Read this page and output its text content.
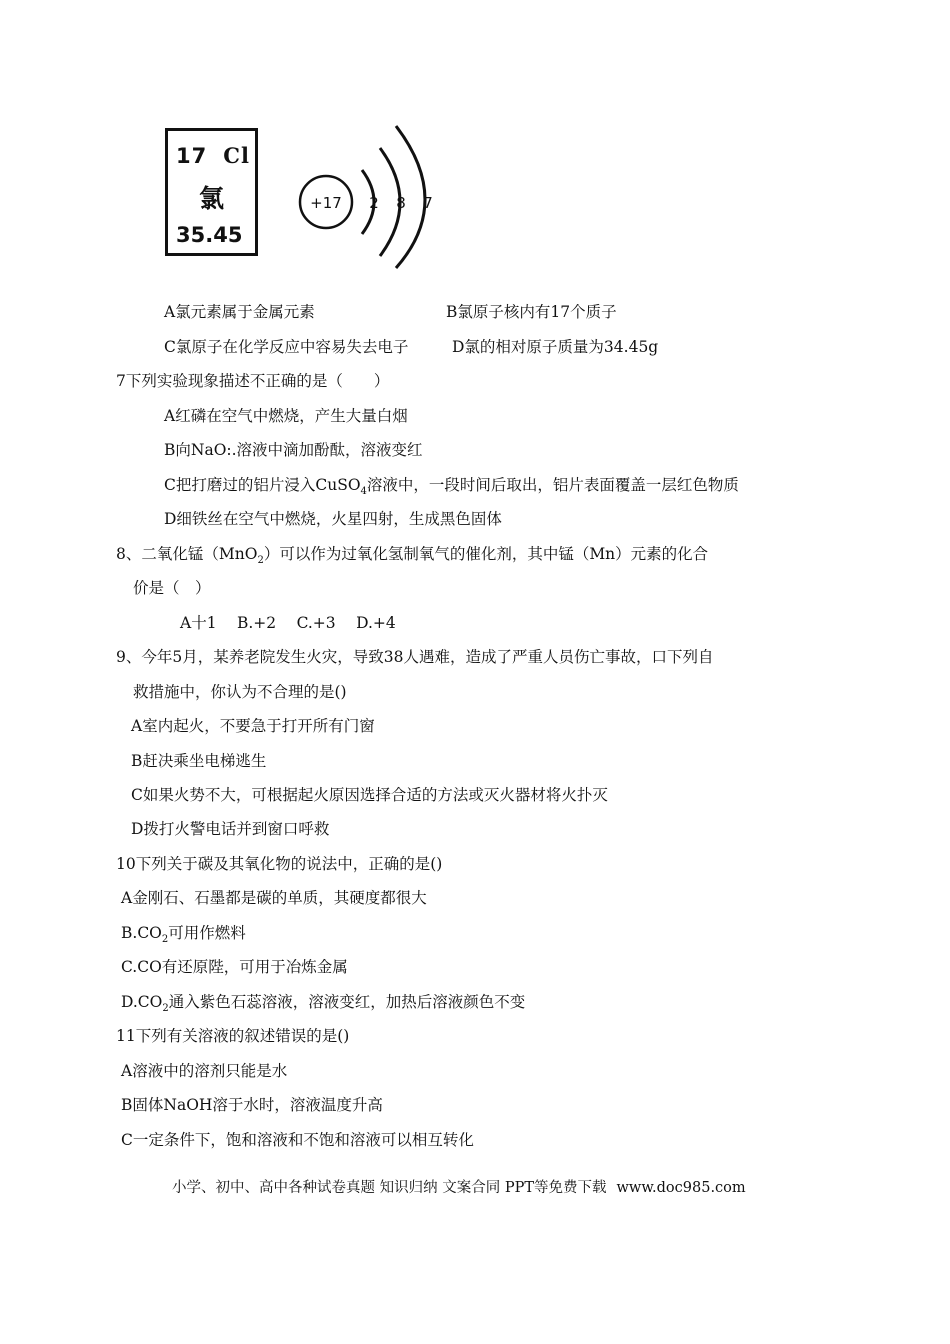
17 Cl
氯
35.45
+17 2 8 7
A氯元素属于金属元素	B氯原子核内有17个质子
C氯原子在化学反应中容易失去电子	D氯的相对原子质量为34.45g
7下列实验现象描述不正确的是（　　）
A红磷在空气中燃烧，产生大量白烟
B向NaO:.溶液中滴加酚酞，溶液变红
C把打磨过的铝片浸入CuSO$_4$溶液中，一段时间后取出，铝片表面覆盖一层红色物质
D细铁丝在空气中燃烧，火星四射，生成黑色固体
8、二氧化锰（MnO$_2$）可以作为过氧化氢制氧气的催化剂，其中锰（Mn）元素的化合
价是（　）
A十1　 B.+2　 C.+3　 D.+4
9、今年5月，某养老院发生火灾，导致38人遇难，造成了严重人员伤亡事故，口下列自
救措施中，你认为不合理的是()
A室内起火，不要急于打开所有门窗
B赶决乘坐电梯逃生
C如果火势不大，可根据起火原因选择合适的方法或灭火器材将火扑灭
D拨打火警电话并到窗口呼救
10下列关于碳及其氧化物的说法中，正确的是()
A金刚石、石墨都是碳的单质，其硬度都很大
$B.CO_2$可用作燃料
C.CO有还原陛，可用于冶炼金属
$D.CO_2$通入紫色石蕊溶液，溶液变红，加热后溶液颜色不变
11下列有关溶液的叙述错误的是()
A溶液中的溶剂只能是水
B固体NaOH溶于水时，溶液温度升高
C一定条件下，饱和溶液和不饱和溶液可以相互转化
小学、初中、高中各种试卷真题 知识归纳 文案合同 PPT等免费下载 www.doc985.com
